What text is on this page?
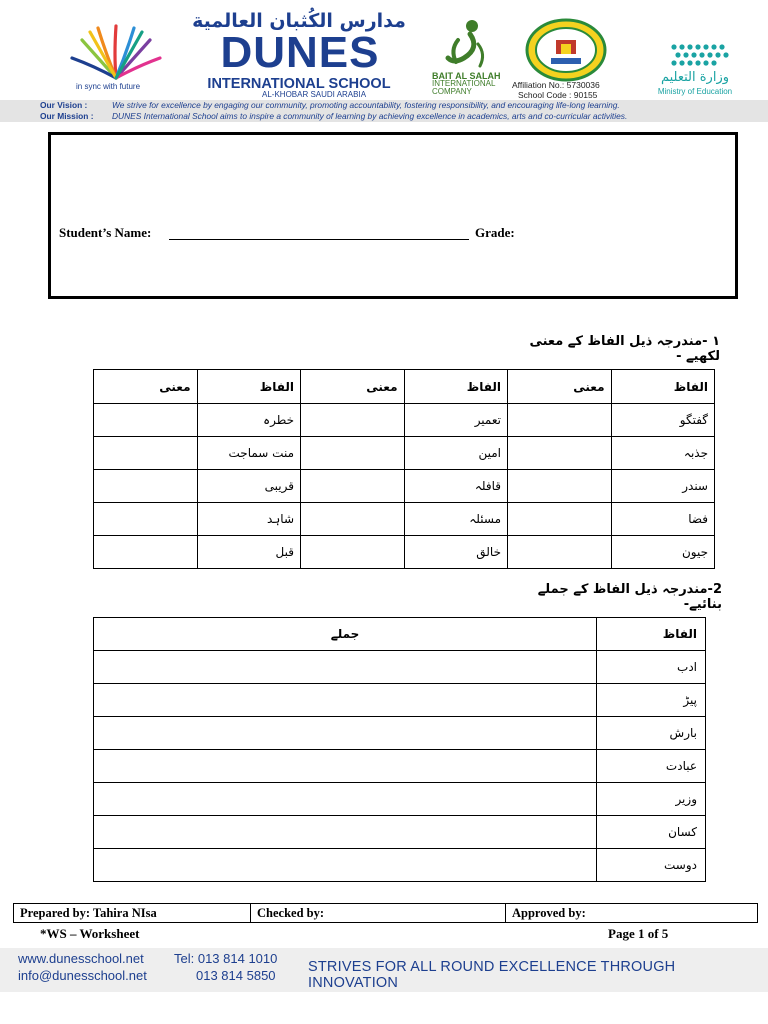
in sync with future
مدارس الكُثبان العالمية
DUNES
INTERNATIONAL SCHOOL
AL-KHOBAR SAUDI ARABIA
BAIT AL SALAH
INTERNATIONAL
COMPANY
Affiliation No.: 5730036
School Code : 90155
وزارة التعليم
Ministry of Education
Our Vision :	We strive for excellence by engaging our community, promoting accountability, fostering responsibility, and encouraging life-long learning.
Our Mission :	DUNES International School aims to inspire a community of learning by achieving excellence in academics, arts and co-curricular activities.
Student’s Name:	Grade:
١ -مندرجہ ذیل الفاظ کے معنی لکھیے -
الفاظ	معنی	الفاظ	معنی	الفاظ	معنی
گفتگو		تعمیر		خطرہ	
جذبہ		امین		منت سماجت	
سندر		قافلہ		قریبی	
فضا		مسئلہ		شاہد	
جیون		خالق		قبل	
2-مندرجہ ذیل الفاظ کے جملے بنائیے-
الفاظ	جملے
ادب	
پیڑ	
بارش	
عبادت	
وزیر	
کسان	
دوست	
Prepared by: Tahira NIsa	Checked by:	Approved by:
*WS – Worksheet	Page 1 of 5
www.dunesschool.net
info@dunesschool.net
Tel: 013 814 1010
013 814 5850
STRIVES FOR ALL ROUND EXCELLENCE THROUGH INNOVATION
